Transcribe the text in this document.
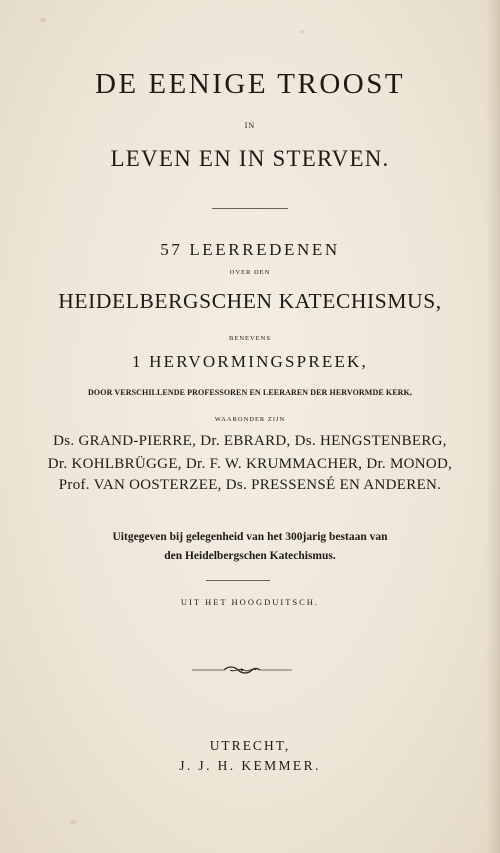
DE EENIGE TROOST
IN
LEVEN EN IN STERVEN.
57 LEERREDENEN
OVER DEN
HEIDELBERGSCHEN KATECHISMUS,
BENEVENS
1 HERVORMINGSPREEK,
DOOR VERSCHILLENDE PROFESSOREN EN LEERAREN DER HERVORMDE KERK,
WAARONDER ZIJN
Ds. GRAND-PIERRE, Dr. EBRARD, Ds. HENGSTENBERG,
Dr. KOHLBRÜGGE, Dr. F. W. KRUMMACHER, Dr. MONOD,
Prof. VAN OOSTERZEE, Ds. PRESSENSÉ EN ANDEREN.
Uitgegeven bij gelegenheid van het 300jarig bestaan van
den Heidelbergschen Katechismus.
UIT HET HOOGDUITSCH.
UTRECHT,
J. J. H. KEMMER.
